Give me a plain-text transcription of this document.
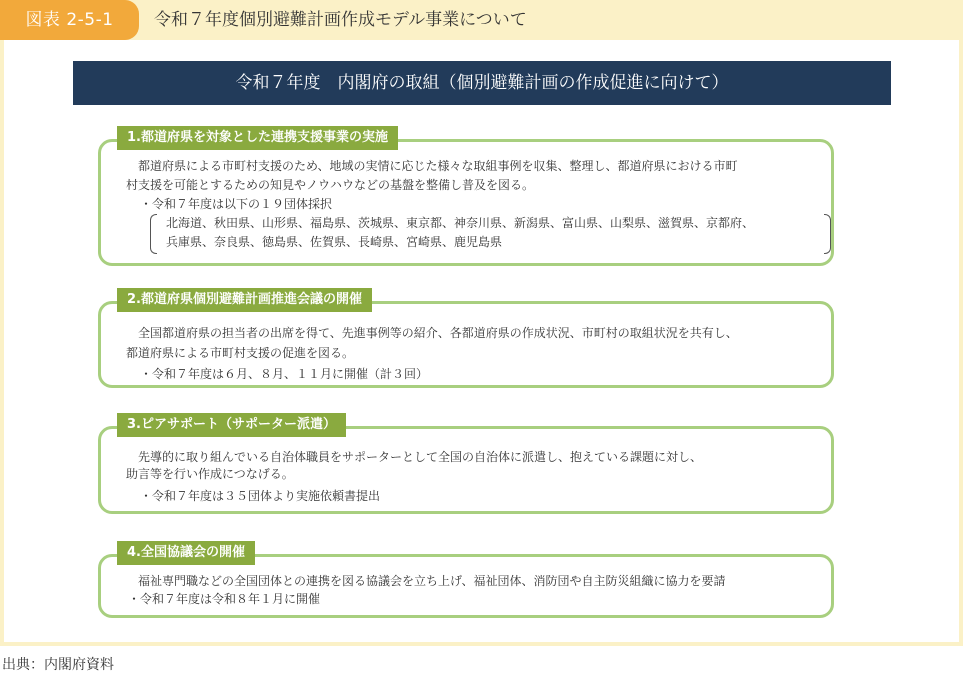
図表 2-5-1	令和７年度個別避難計画作成モデル事業について
令和７年度　内閣府の取組（個別避難計画の作成促進に向けて）
1.都道府県を対象とした連携支援事業の実施
都道府県による市町村支援のため、地域の実情に応じた様々な取組事例を収集、整理し、都道府県における市町
村支援を可能とするための知見やノウハウなどの基盤を整備し普及を図る。
・令和７年度は以下の１９団体採択
北海道、秋田県、山形県、福島県、茨城県、東京都、神奈川県、新潟県、富山県、山梨県、滋賀県、京都府、
兵庫県、奈良県、徳島県、佐賀県、長崎県、宮崎県、鹿児島県
2.都道府県個別避難計画推進会議の開催
全国都道府県の担当者の出席を得て、先進事例等の紹介、各都道府県の作成状況、市町村の取組状況を共有し、
都道府県による市町村支援の促進を図る。
・令和７年度は６月、８月、１１月に開催（計３回）
3.ピアサポート（サポーター派遣）
先導的に取り組んでいる自治体職員をサポーターとして全国の自治体に派遣し、抱えている課題に対し、
助言等を行い作成につなげる。
・令和７年度は３５団体より実施依頼書提出
4.全国協議会の開催
福祉専門職などの全国団体との連携を図る協議会を立ち上げ、福祉団体、消防団や自主防災組織に協力を要請
・令和７年度は令和８年１月に開催
出典：内閣府資料
